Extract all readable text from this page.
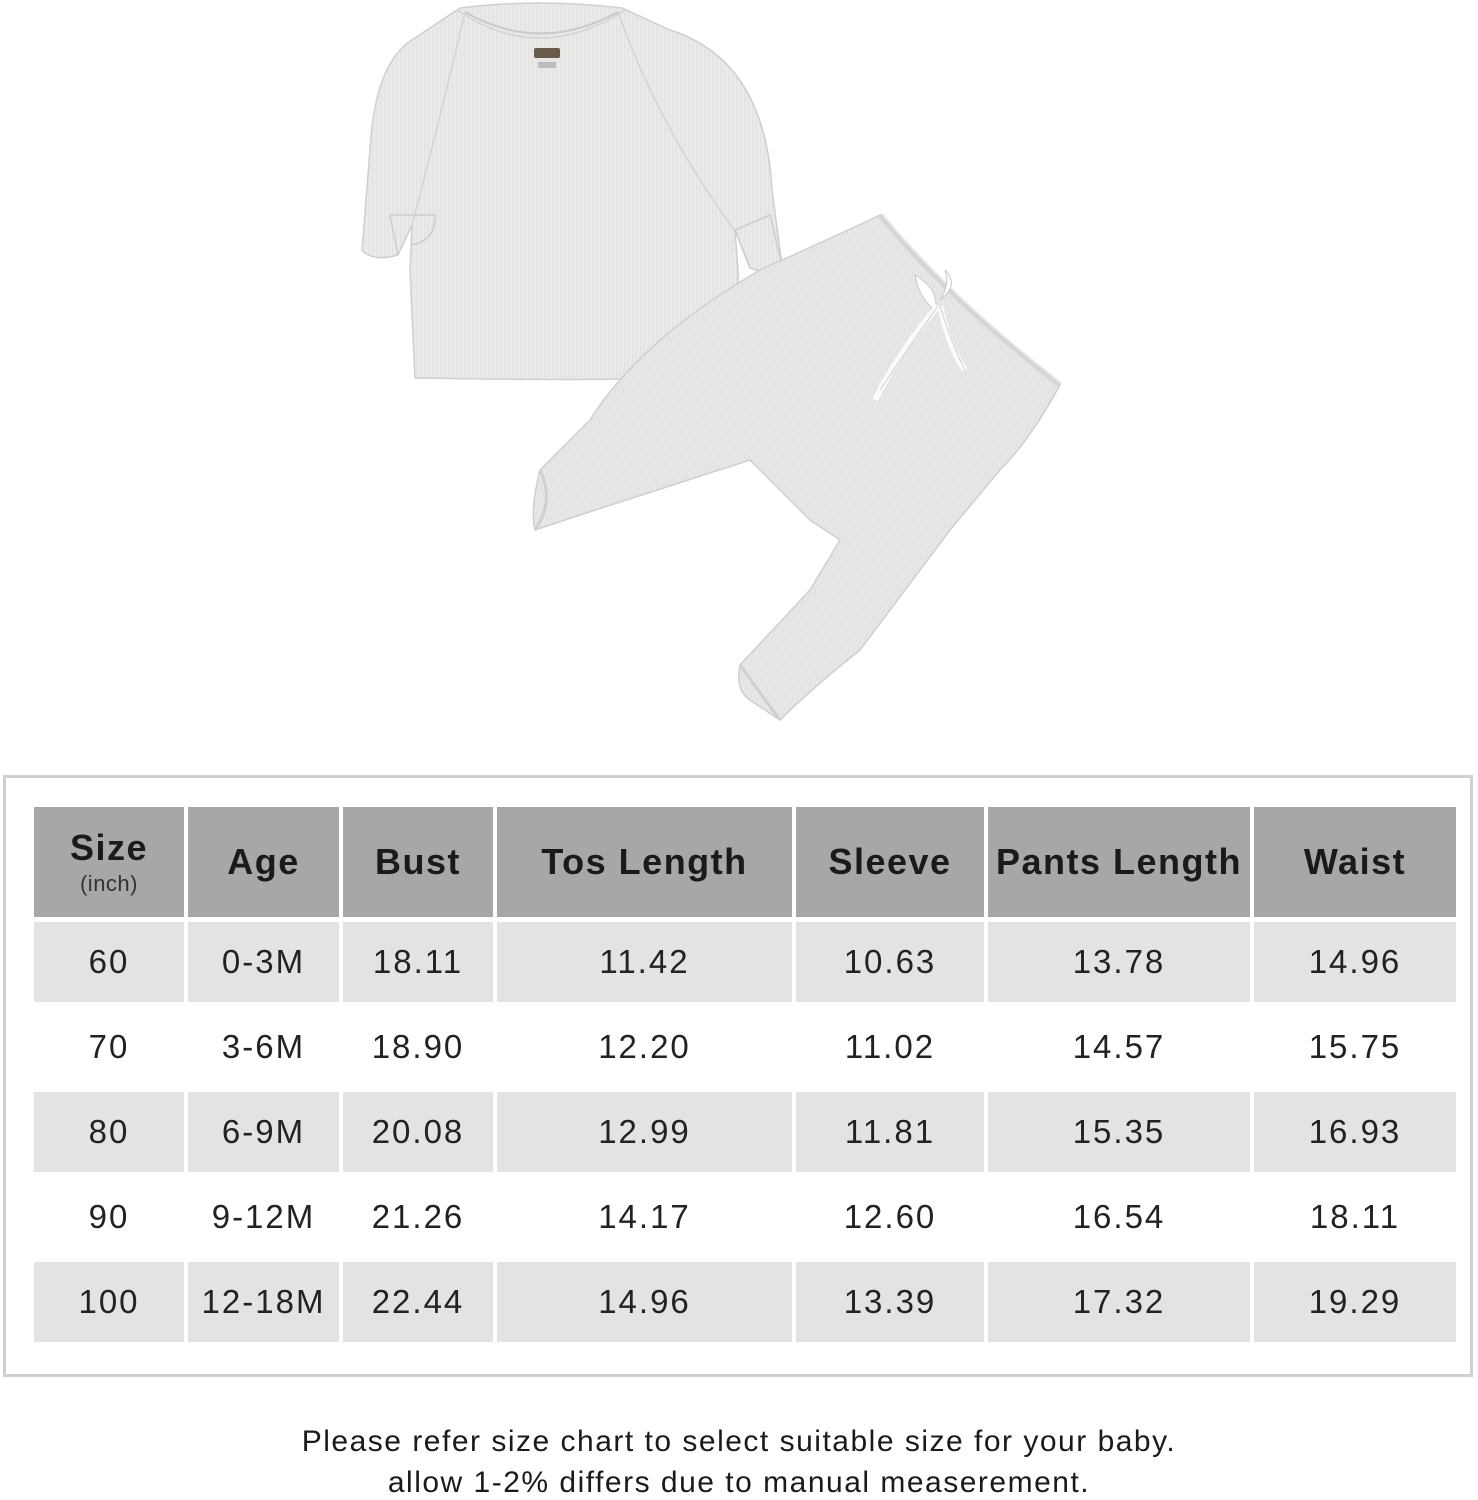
Size
(inch)	Age	Bust	Tos Length	Sleeve	Pants Length	Waist
60	0-3M	18.11	11.42	10.63	13.78	14.96
70	3-6M	18.90	12.20	11.02	14.57	15.75
80	6-9M	20.08	12.99	11.81	15.35	16.93
90	9-12M	21.26	14.17	12.60	16.54	18.11
100	12-18M	22.44	14.96	13.39	17.32	19.29
Please refer size chart to select suitable size for your baby.
allow 1-2% differs due to manual measerement.
